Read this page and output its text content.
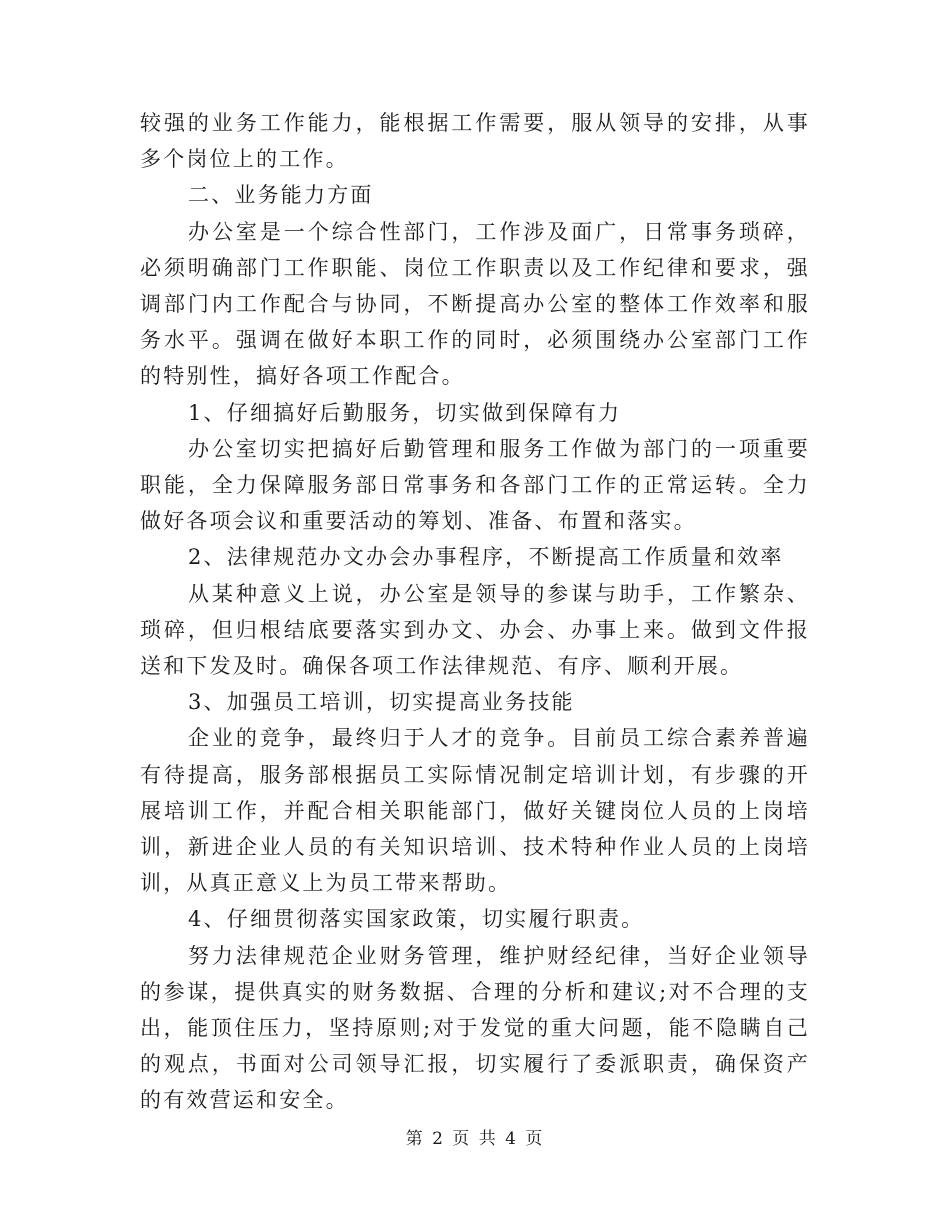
较强的业务工作能力，能根据工作需要，服从领导的安排，从事多个岗位上的工作。

二、业务能力方面

办公室是一个综合性部门，工作涉及面广，日常事务琐碎，必须明确部门工作职能、岗位工作职责以及工作纪律和要求，强调部门内工作配合与协同，不断提高办公室的整体工作效率和服务水平。强调在做好本职工作的同时，必须围绕办公室部门工作的特别性，搞好各项工作配合。

1、仔细搞好后勤服务，切实做到保障有力

办公室切实把搞好后勤管理和服务工作做为部门的一项重要职能，全力保障服务部日常事务和各部门工作的正常运转。全力做好各项会议和重要活动的筹划、准备、布置和落实。

2、法律规范办文办会办事程序，不断提高工作质量和效率

从某种意义上说，办公室是领导的参谋与助手，工作繁杂、琐碎，但归根结底要落实到办文、办会、办事上来。做到文件报送和下发及时。确保各项工作法律规范、有序、顺利开展。

3、加强员工培训，切实提高业务技能

企业的竞争，最终归于人才的竞争。目前员工综合素养普遍有待提高，服务部根据员工实际情况制定培训计划，有步骤的开展培训工作，并配合相关职能部门，做好关键岗位人员的上岗培训，新进企业人员的有关知识培训、技术特种作业人员的上岗培训，从真正意义上为员工带来帮助。

4、仔细贯彻落实国家政策，切实履行职责。

努力法律规范企业财务管理，维护财经纪律，当好企业领导的参谋，提供真实的财务数据、合理的分析和建议;对不合理的支出，能顶住压力，坚持原则;对于发觉的重大问题，能不隐瞒自己的观点，书面对公司领导汇报，切实履行了委派职责，确保资产的有效营运和安全。

第 2 页 共 4 页
